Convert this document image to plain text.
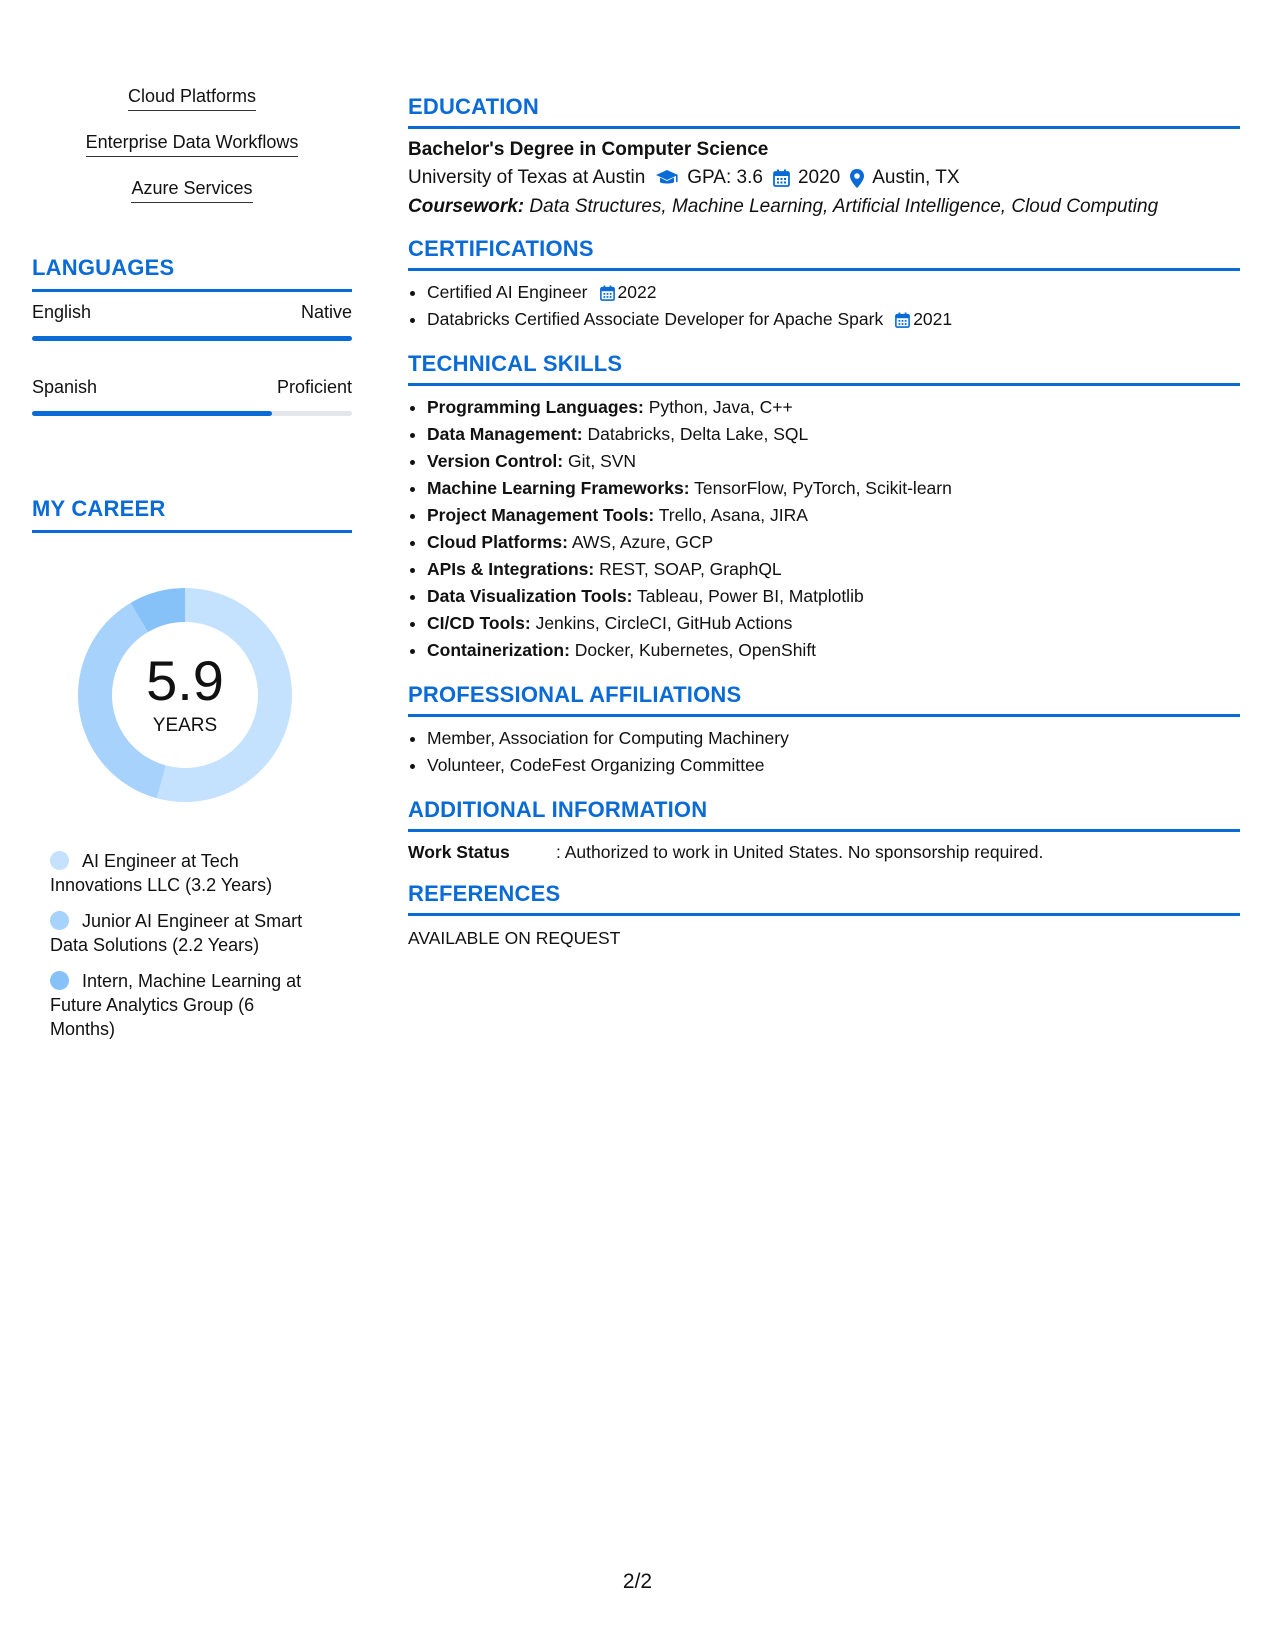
Cloud Platforms
Enterprise Data Workflows
Azure Services
LANGUAGES
English	Native
Spanish	Proficient
MY CAREER
5.9
YEARS
AI Engineer at Tech Innovations LLC (3.2 Years)
Junior AI Engineer at Smart Data Solutions (2.2 Years)
Intern, Machine Learning at Future Analytics Group (6 Months)
EDUCATION
Bachelor's Degree in Computer Science
University of Texas at Austin GPA: 3.6 2020 Austin, TX
Coursework: Data Structures, Machine Learning, Artificial Intelligence, Cloud Computing
CERTIFICATIONS
• Certified AI Engineer 2022
• Databricks Certified Associate Developer for Apache Spark 2021
TECHNICAL SKILLS
• Programming Languages: Python, Java, C++
• Data Management: Databricks, Delta Lake, SQL
• Version Control: Git, SVN
• Machine Learning Frameworks: TensorFlow, PyTorch, Scikit-learn
• Project Management Tools: Trello, Asana, JIRA
• Cloud Platforms: AWS, Azure, GCP
• APIs & Integrations: REST, SOAP, GraphQL
• Data Visualization Tools: Tableau, Power BI, Matplotlib
• CI/CD Tools: Jenkins, CircleCI, GitHub Actions
• Containerization: Docker, Kubernetes, OpenShift
PROFESSIONAL AFFILIATIONS
• Member, Association for Computing Machinery
• Volunteer, CodeFest Organizing Committee
ADDITIONAL INFORMATION
Work Status	: Authorized to work in United States. No sponsorship required.
REFERENCES
AVAILABLE ON REQUEST
2/2
